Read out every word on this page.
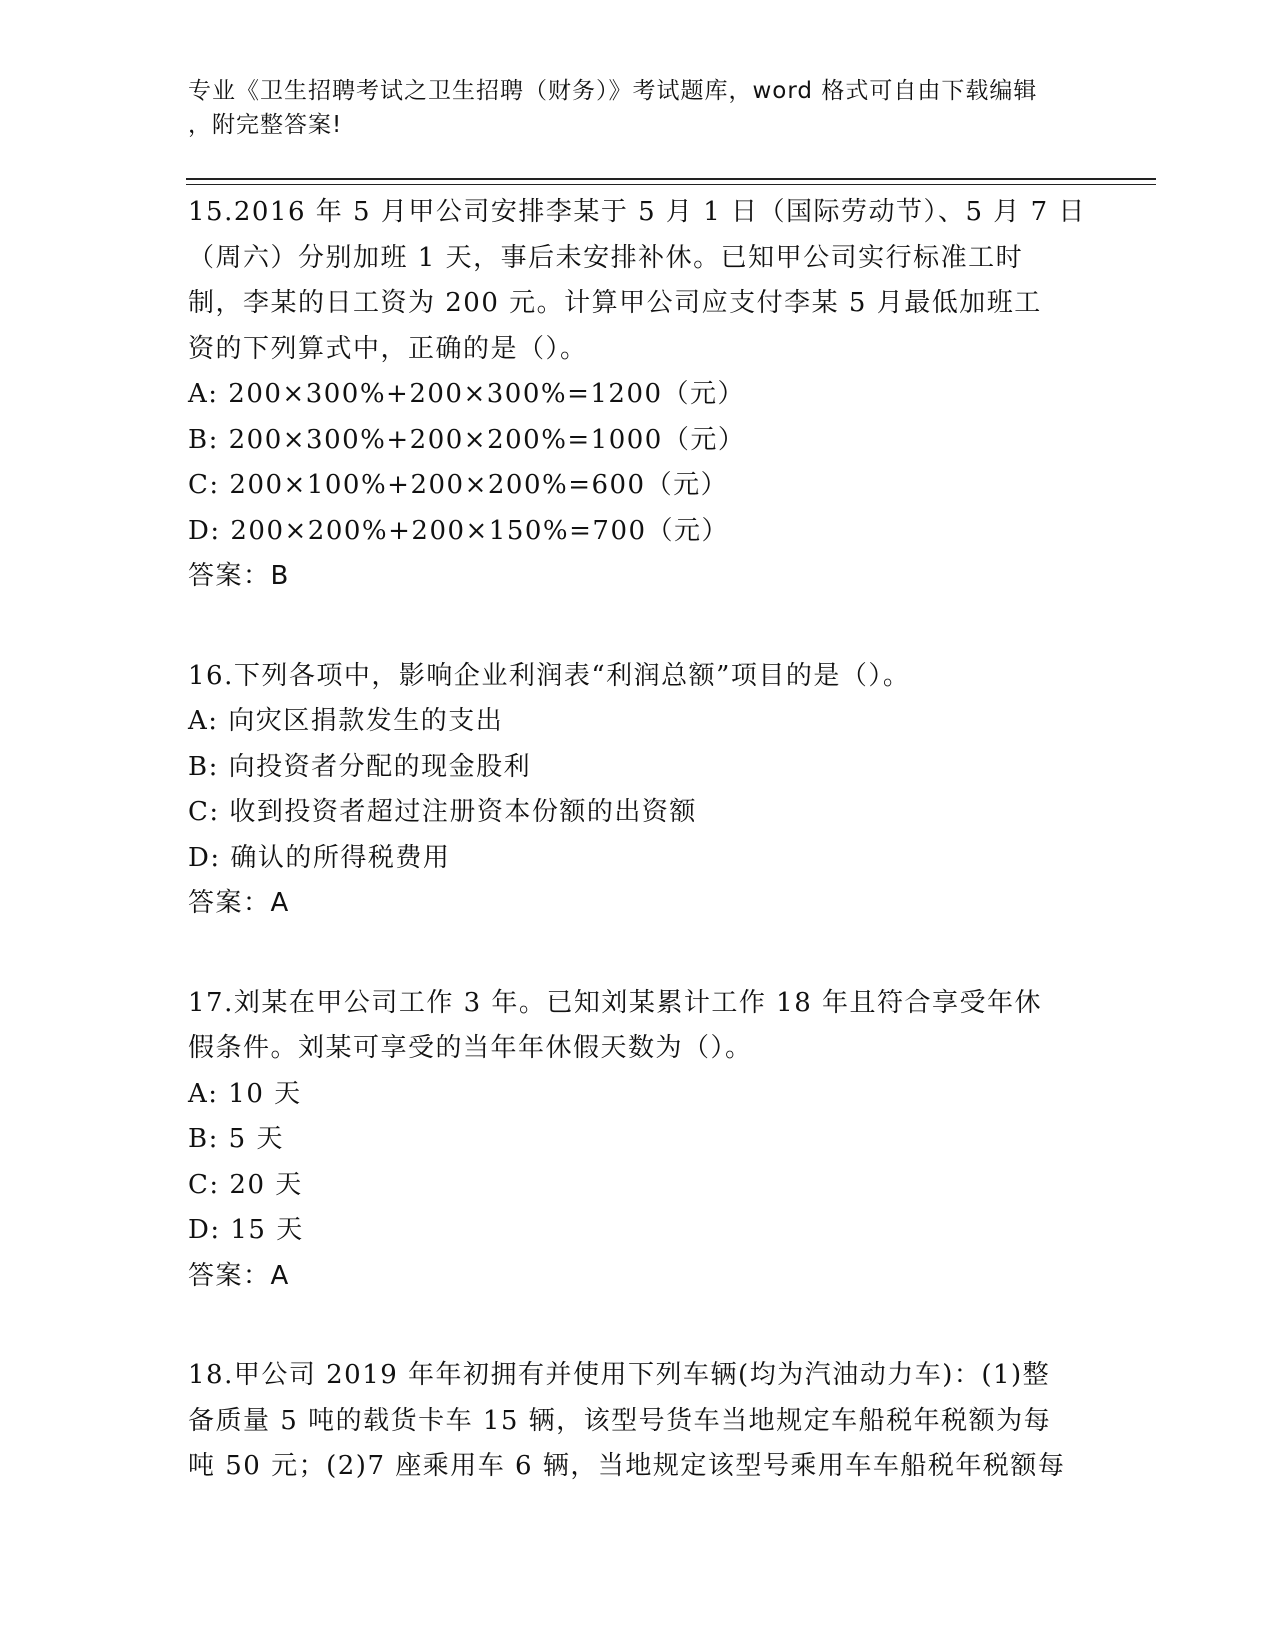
专业《卫生招聘考试之卫生招聘（财务）》考试题库，word 格式可自由下载编辑
，附完整答案!
15.2016 年 5 月甲公司安排李某于 5 月 1 日（国际劳动节）、5 月 7 日
（周六）分别加班 1 天，事后未安排补休。已知甲公司实行标准工时
制，李某的日工资为 200 元。计算甲公司应支付李某 5 月最低加班工
资的下列算式中，正确的是（）。
A: 200×300%+200×300%=1200（元）
B: 200×300%+200×200%=1000（元）
C: 200×100%+200×200%=600（元）
D: 200×200%+200×150%=700（元）
答案：B
16.下列各项中，影响企业利润表“利润总额”项目的是（）。
A: 向灾区捐款发生的支出
B: 向投资者分配的现金股利
C: 收到投资者超过注册资本份额的出资额
D: 确认的所得税费用
答案：A
17.刘某在甲公司工作 3 年。已知刘某累计工作 18 年且符合享受年休
假条件。刘某可享受的当年年休假天数为（）。
A: 10 天
B: 5 天
C: 20 天
D: 15 天
答案：A
18.甲公司 2019 年年初拥有并使用下列车辆(均为汽油动力车)：(1)整
备质量 5 吨的载货卡车 15 辆，该型号货车当地规定车船税年税额为每
吨 50 元；(2)7 座乘用车 6 辆，当地规定该型号乘用车车船税年税额每
